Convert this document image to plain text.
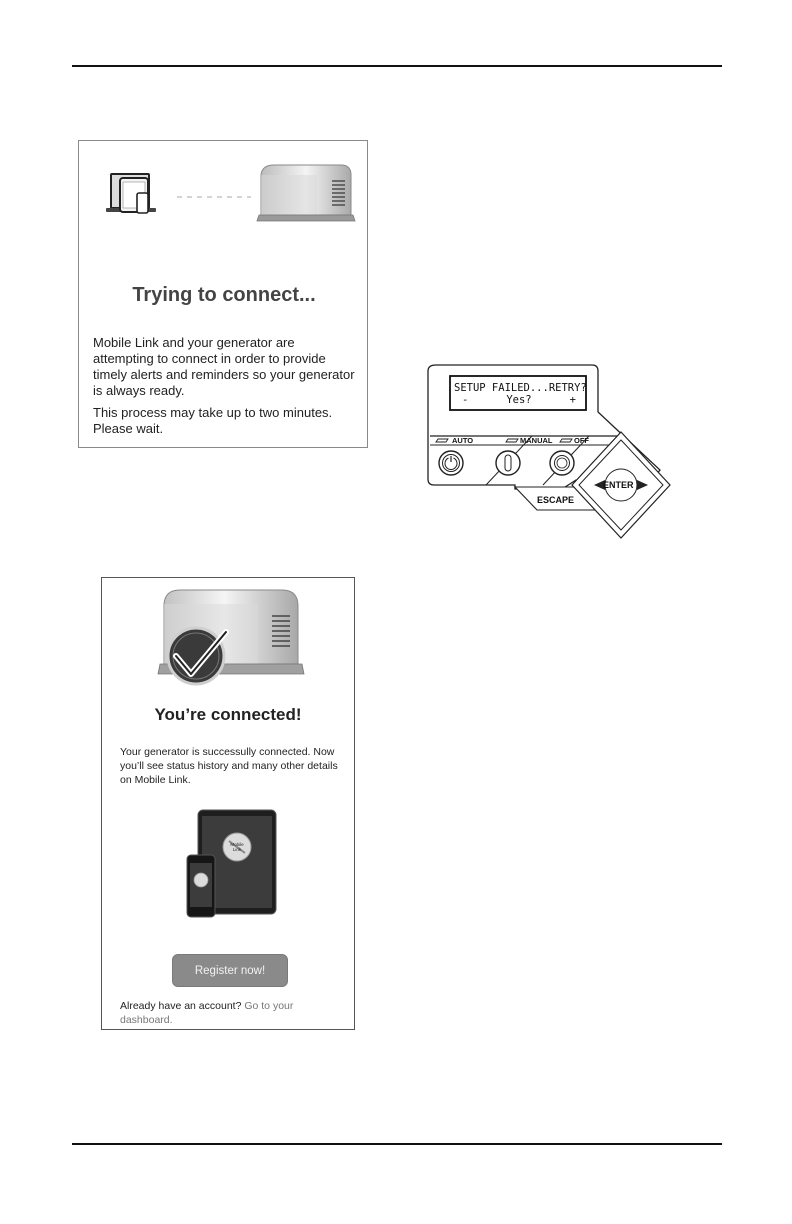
Trying to connect...

Mobile Link and your generator are attempting to connect in order to provide timely alerts and reminders so your generator is always ready.

This process may take up to two minutes. Please wait.

SETUP FAILED...RETRY?
-	Yes?	+
AUTO	MANUAL	OFF
ESCAPE
ENTER
Mobile Link
You’re connected!

Your generator is successully connected. Now you’ll see status history and many other details on Mobile Link.

Register now!

Already have an account? Go to your dashboard.
